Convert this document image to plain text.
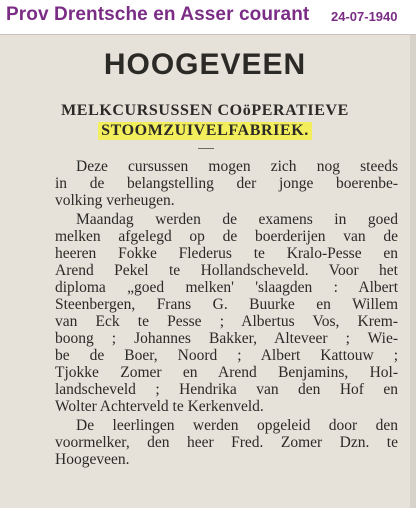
Prov Drentsche en Asser courant 24-07-1940
HOOGEVEEN
MELKCURSUSSEN COöPERATIEVE
STOOMZUIVELFABRIEK.
Deze cursussen mogen zich nog steeds
in de belangstelling der jonge boerenbe-
volking verheugen.
Maandag werden de examens in goed
melken afgelegd op de boerderijen van de
heeren Fokke Flederus te Kralo-Pesse en
Arend Pekel te Hollandscheveld. Voor het
diploma „goed melken' 'slaagden : Albert
Steenbergen, Frans G. Buurke en Willem
van Eck te Pesse ; Albertus Vos, Krem-
boong ; Johannes Bakker, Alteveer ; Wie-
be de Boer, Noord ; Albert Kattouw ;
Tjokke Zomer en Arend Benjamins, Hol-
landscheveld ; Hendrika van den Hof en
Wolter Achterveld te Kerkenveld.
De leerlingen werden opgeleid door den
voormelker, den heer Fred. Zomer Dzn. te
Hoogeveen.
